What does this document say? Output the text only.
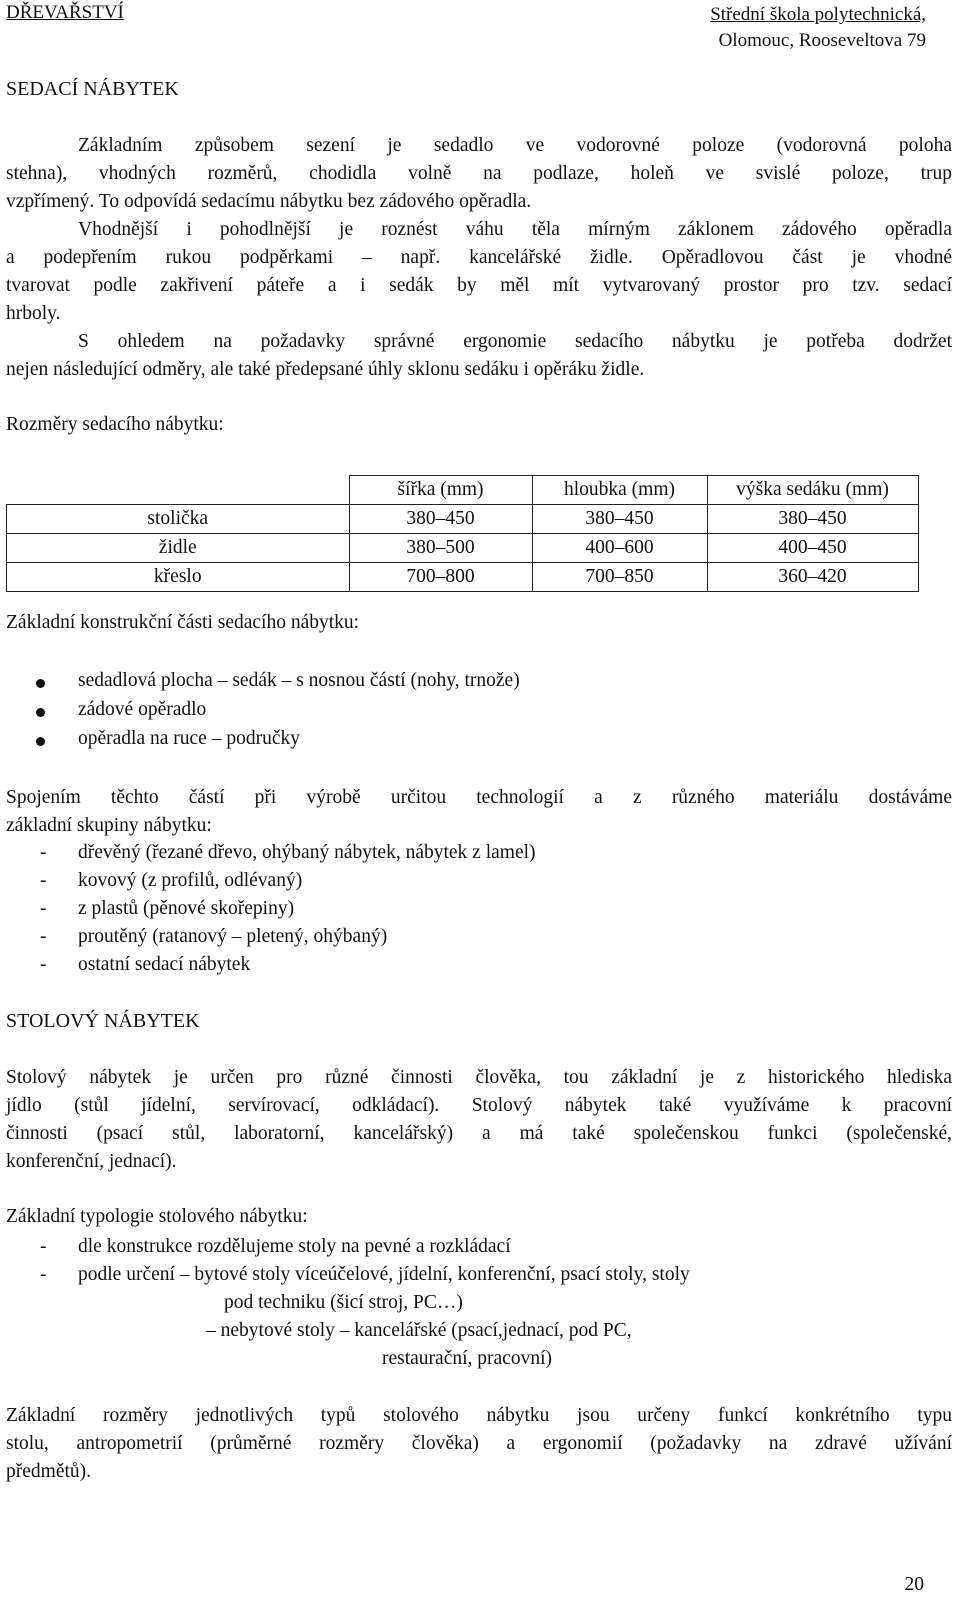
DŘEVAŘSTVÍ	Střední škola polytechnická,
Olomouc, Rooseveltova 79
SEDACÍ NÁBYTEK
Základním způsobem sezení je sedadlo ve vodorovné poloze (vodorovná poloha
stehna), vhodných rozměrů, chodidla volně na podlaze, holeň ve svislé poloze, trup
vzpřímený. To odpovídá sedacímu nábytku bez zádového opěradla.
Vhodnější i pohodlnější je roznést váhu těla mírným záklonem zádového opěradla
a podepřením rukou podpěrkami – např. kancelářské židle. Opěradlovou část je vhodné
tvarovat podle zakřivení páteře a i sedák by měl mít vytvarovaný prostor pro tzv. sedací
hrboly.
S ohledem na požadavky správné ergonomie sedacího nábytku je potřeba dodržet
nejen následující odměry, ale také předepsané úhly sklonu sedáku i opěráku židle.
Rozměry sedacího nábytku:
	šířka (mm)	hloubka (mm)	výška sedáku (mm)
stolička	380–450	380–450	380–450
židle	380–500	400–600	400–450
křeslo	700–800	700–850	360–420
Základní konstrukční části sedacího nábytku:
sedadlová plocha – sedák – s nosnou částí (nohy, trnože)
zádové opěradlo
opěradla na ruce – područky
Spojením těchto částí při výrobě určitou technologií a z různého materiálu dostáváme
základní skupiny nábytku:
- dřevěný (řezané dřevo, ohýbaný nábytek, nábytek z lamel)
- kovový (z profilů, odlévaný)
- z plastů (pěnové skořepiny)
- proutěný (ratanový – pletený, ohýbaný)
- ostatní sedací nábytek
STOLOVÝ NÁBYTEK
Stolový nábytek je určen pro různé činnosti člověka, tou základní je z historického hlediska
jídlo (stůl jídelní, servírovací, odkládací). Stolový nábytek také využíváme k pracovní
činnosti (psací stůl, laboratorní, kancelářský) a má také společenskou funkci (společenské,
konferenční, jednací).
Základní typologie stolového nábytku:
- dle konstrukce rozdělujeme stoly na pevné a rozkládací
- podle určení – bytové stoly víceúčelové, jídelní, konferenční, psací stoly, stoly
pod techniku (šicí stroj, PC…)
– nebytové stoly – kancelářské (psací,jednací, pod PC,
restaurační, pracovní)
Základní rozměry jednotlivých typů stolového nábytku jsou určeny funkcí konkrétního typu
stolu, antropometrií (průměrné rozměry člověka) a ergonomií (požadavky na zdravé užívání
předmětů).
20
